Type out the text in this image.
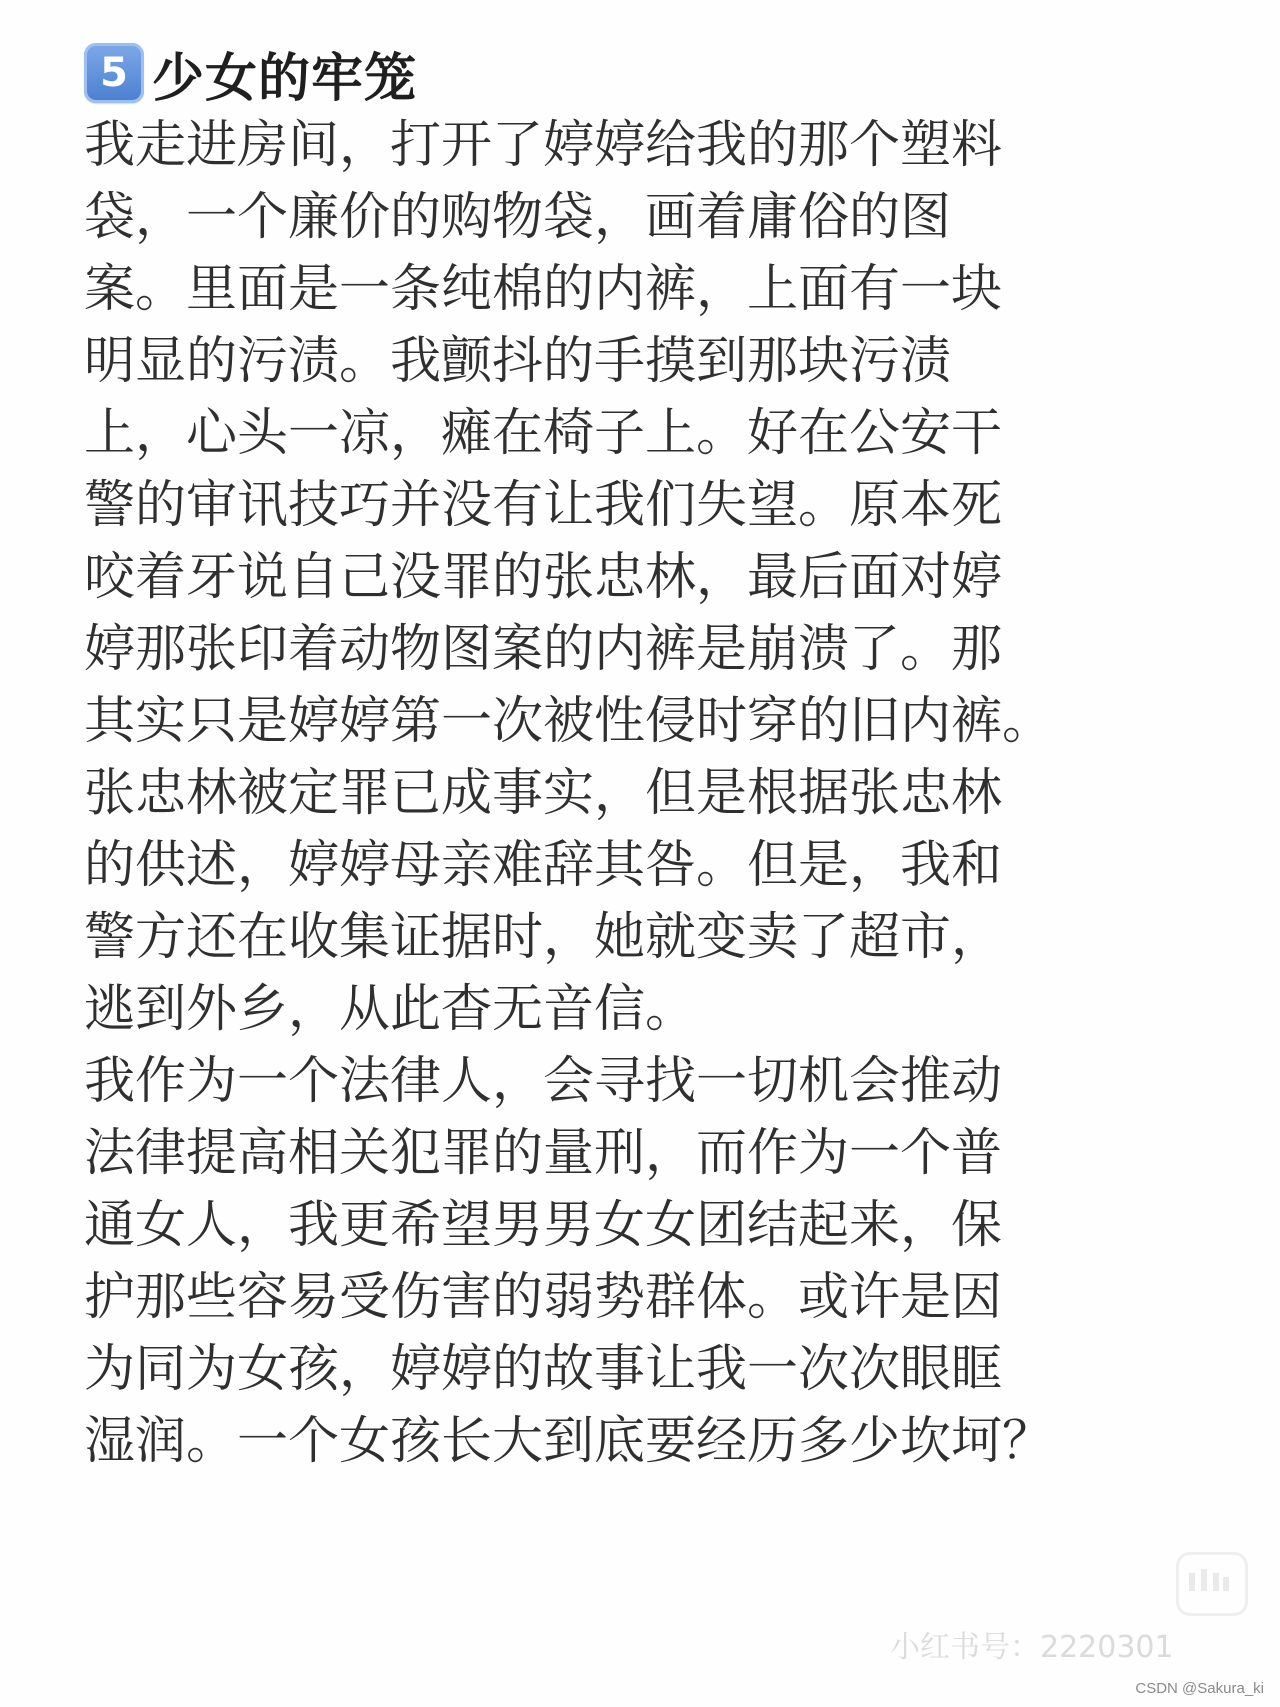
5 少女的牢笼
我走进房间，打开了婷婷给我的那个塑料
袋，一个廉价的购物袋，画着庸俗的图
案。里面是一条纯棉的内裤，上面有一块
明显的污渍。我颤抖的手摸到那块污渍
上，心头一凉，瘫在椅子上。好在公安干
警的审讯技巧并没有让我们失望。原本死
咬着牙说自己没罪的张忠林，最后面对婷
婷那张印着动物图案的内裤是崩溃了。那
其实只是婷婷第一次被性侵时穿的旧内裤。
张忠林被定罪已成事实，但是根据张忠林
的供述，婷婷母亲难辞其咎。但是，我和
警方还在收集证据时，她就变卖了超市，
逃到外乡，从此杳无音信。
我作为一个法律人，会寻找一切机会推动
法律提高相关犯罪的量刑，而作为一个普
通女人，我更希望男男女女团结起来，保
护那些容易受伤害的弱势群体。或许是因
为同为女孩，婷婷的故事让我一次次眼眶
湿润。一个女孩长大到底要经历多少坎坷？
小红书号：2220301
CSDN @Sakura_ki
